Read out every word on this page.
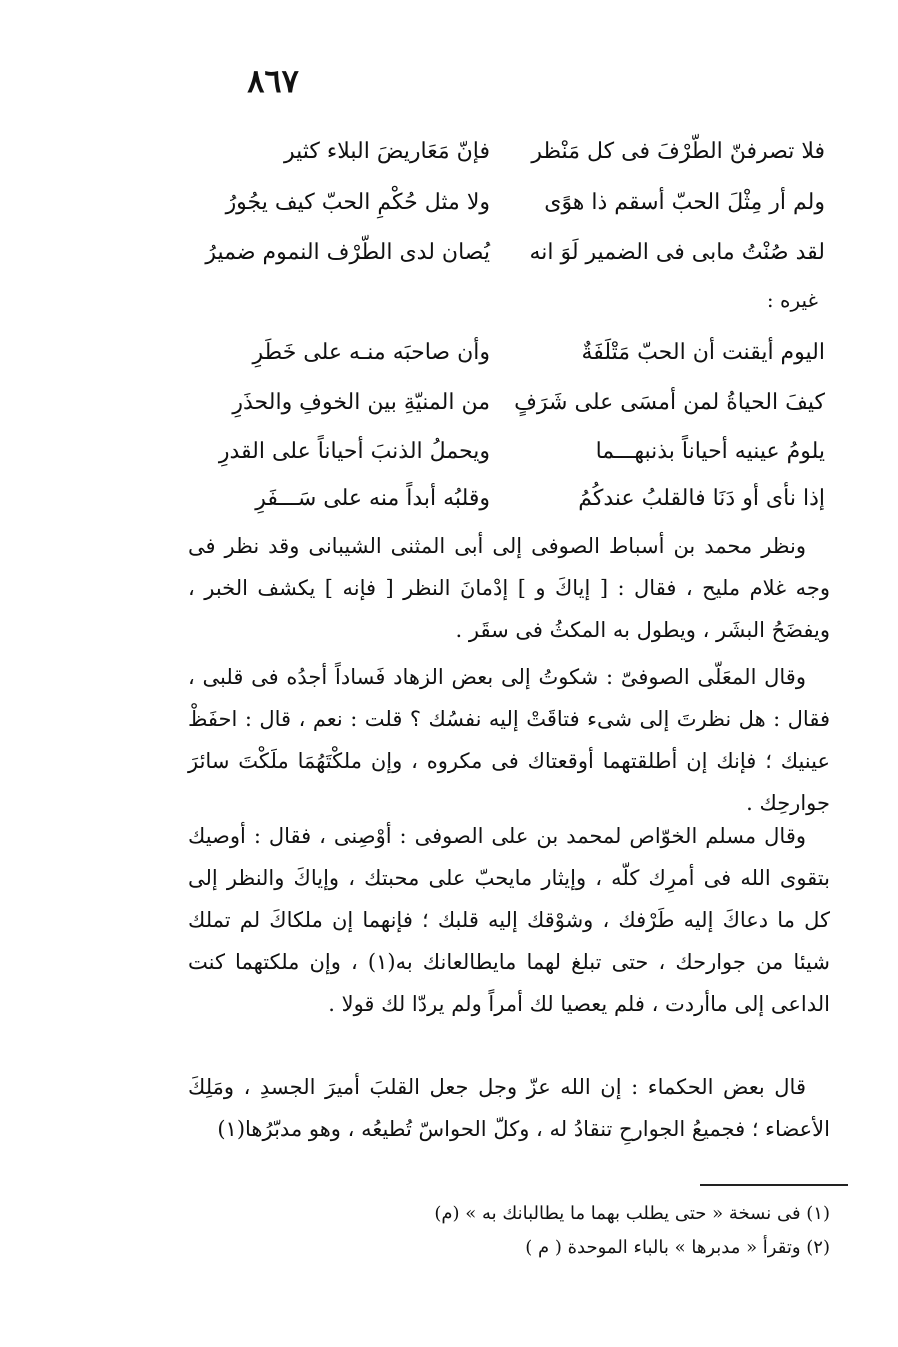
٨٦٧
فلا تصرفنّ الطّرْفَ فى كل مَنْظر
فإنّ مَعَاريضَ البلاء كثير
ولم أر مِثْلَ الحبّ أسقم ذا هوًى
ولا مثل حُكْمِ الحبّ كيف يجُورُ
لقد صُنْتُ مابى فى الضمير لَوَ انه
يُصان لدى الطّرْف النموم ضميرُ
غيره :
اليوم أيقنت أن الحبّ مَتْلَفَةٌ
وأن صاحبَه منـه على خَطَرِ
كيفَ الحياةُ لمن أمسَى على شَرَفٍ
من المنيّةِ بين الخوفِ والحذَرِ
يلومُ عينيه أحياناً بذنبهـــما
ويحملُ الذنبَ أحياناً على القدرِ
إذا نأى أو دَنَا فالقلبُ عندكُمُ
وقلبُه أبداً منه على سَـــفَرِ

ونظر محمد بن أسباط الصوفى إلى أبى المثنى الشيبانى وقد نظر فى وجه غلام مليح ، فقال : [ إياكَ و ] إدْمانَ النظر [ فإنه ] يكشف الخبر ، ويفضَحُ البشَر ، ويطول به المكثُ فى سقَر .

وقال المعَلّى الصوفىّ : شكوتُ إلى بعض الزهاد فَساداً أجدُه فى قلبى ، فقال : هل نظرتَ إلى شىء فتاقَتْ إليه نفسُك ؟ قلت : نعم ، قال : احفَظْ عينيك ؛ فإنك إن أطلقتهما أوقعتاك فى مكروه ، وإن ملكْتَهُمَا ملَكْتَ سائرَ جوارحِك .

وقال مسلم الخوّاص لمحمد بن على الصوفى : أوْصِنى ، فقال : أوصيك بتقوى الله فى أمرِك كلّه ، وإيثار مايحبّ على محبتك ، وإياكَ والنظر إلى كل ما دعاكَ إليه طَرْفك ، وشوْقك إليه قلبك ؛ فإنهما إن ملكاكَ لم تملك شيئا من جوارحك ، حتى تبلغ لهما مايطالعانك به(١) ، وإن ملكتهما كنت الداعى إلى ماأردت ، فلم يعصيا لك أمراً ولم يردّا لك قولا .

قال بعض الحكماء : إن الله عزّ وجل جعل القلبَ أميرَ الجسدِ ، ومَلِكَ الأعضاء ؛ فجميعُ الجوارحِ تنقادُ له ، وكلّ الحواسّ تُطيعُه ، وهو مدبّرُها(١)

(١) فى نسخة « حتى يطلب بهما ما يطالبانك به » (م)
(٢) وتقرأ « مدبرها » بالباء الموحدة ( م )
